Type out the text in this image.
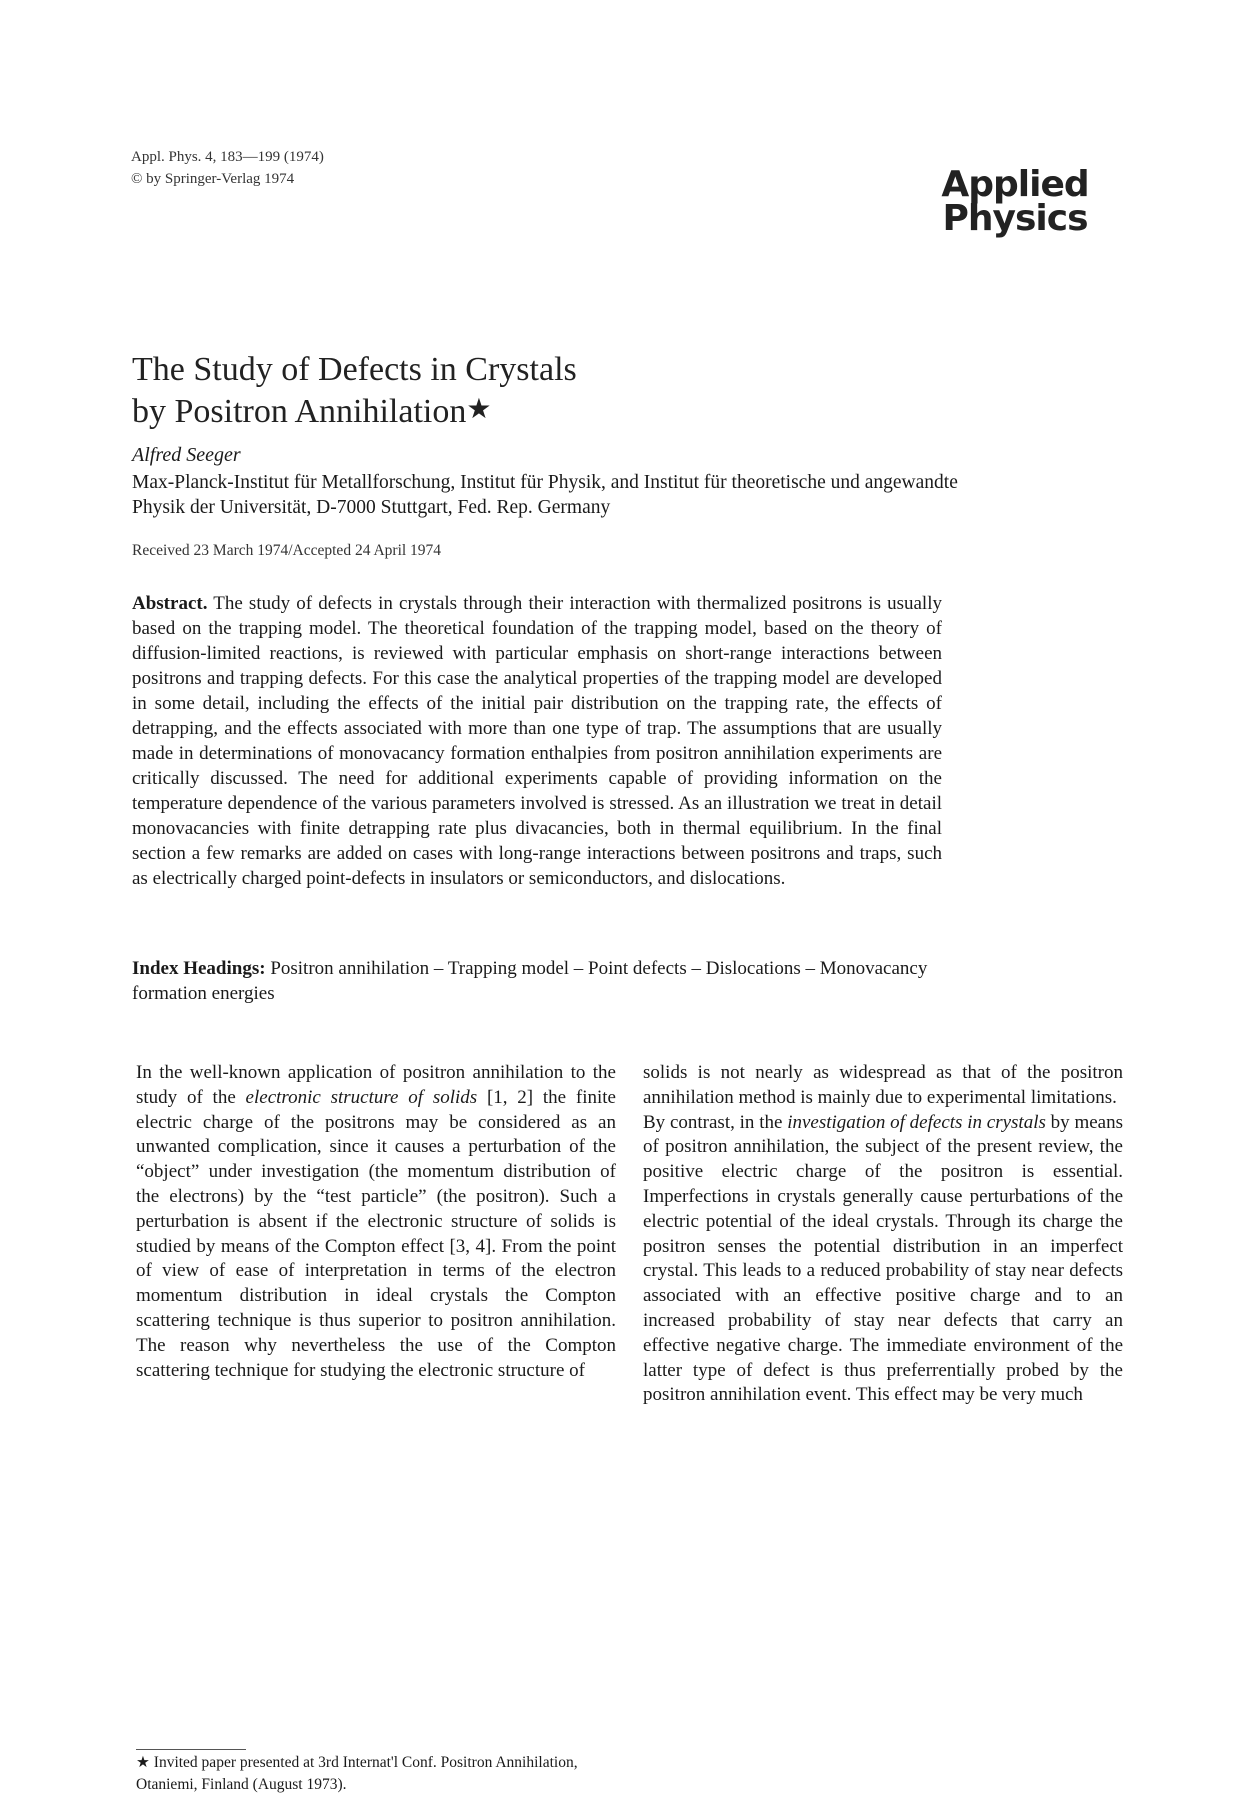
Appl. Phys. 4, 183—199 (1974)
© by Springer-Verlag 1974	Applied
Physics
The Study of Defects in Crystals
by Positron Annihilation★
Alfred Seeger
Max-Planck-Institut für Metallforschung, Institut für Physik, and Institut für theoretische und angewandte Physik der Universität, D-7000 Stuttgart, Fed. Rep. Germany
Received 23 March 1974/Accepted 24 April 1974
Abstract. The study of defects in crystals through their interaction with thermalized positrons is usually based on the trapping model. The theoretical foundation of the trapping model, based on the theory of diffusion-limited reactions, is reviewed with particular emphasis on short-range interactions between positrons and trapping defects. For this case the analytical properties of the trapping model are developed in some detail, including the effects of the initial pair distribution on the trapping rate, the effects of detrapping, and the effects associated with more than one type of trap. The assumptions that are usually made in determinations of monovacancy formation enthalpies from positron annihilation experiments are critically discussed. The need for additional experiments capable of providing information on the temperature dependence of the various parameters involved is stressed. As an illustration we treat in detail monovacancies with finite detrapping rate plus divacancies, both in thermal equilibrium. In the final section a few remarks are added on cases with long-range interactions between positrons and traps, such as electrically charged point-defects in insulators or semiconductors, and dislocations.
Index Headings: Positron annihilation – Trapping model – Point defects – Dislocations – Monovacancy formation energies

In the well-known application of positron annihilation to the study of the electronic structure of solids [1, 2] the finite electric charge of the positrons may be considered as an unwanted complication, since it causes a perturbation of the “object” under investigation (the momentum distribution of the electrons) by the “test particle” (the positron). Such a perturbation is absent if the electronic structure of solids is studied by means of the Compton effect [3, 4]. From the point of view of ease of interpretation in terms of the electron momentum distribution in ideal crystals the Compton scattering technique is thus superior to positron annihilation. The reason why nevertheless the use of the Compton scattering technique for studying the electronic structure of

solids is not nearly as widespread as that of the positron annihilation method is mainly due to experimental limitations.

By contrast, in the investigation of defects in crystals by means of positron annihilation, the subject of the present review, the positive electric charge of the positron is essential. Imperfections in crystals generally cause perturbations of the electric potential of the ideal crystals. Through its charge the positron senses the potential distribution in an imperfect crystal. This leads to a reduced probability of stay near defects associated with an effective positive charge and to an increased probability of stay near defects that carry an effective negative charge. The immediate environment of the latter type of defect is thus preferrentially probed by the positron annihilation event. This effect may be very much

★ Invited paper presented at 3rd Internat'l Conf. Positron Annihilation, Otaniemi, Finland (August 1973).
